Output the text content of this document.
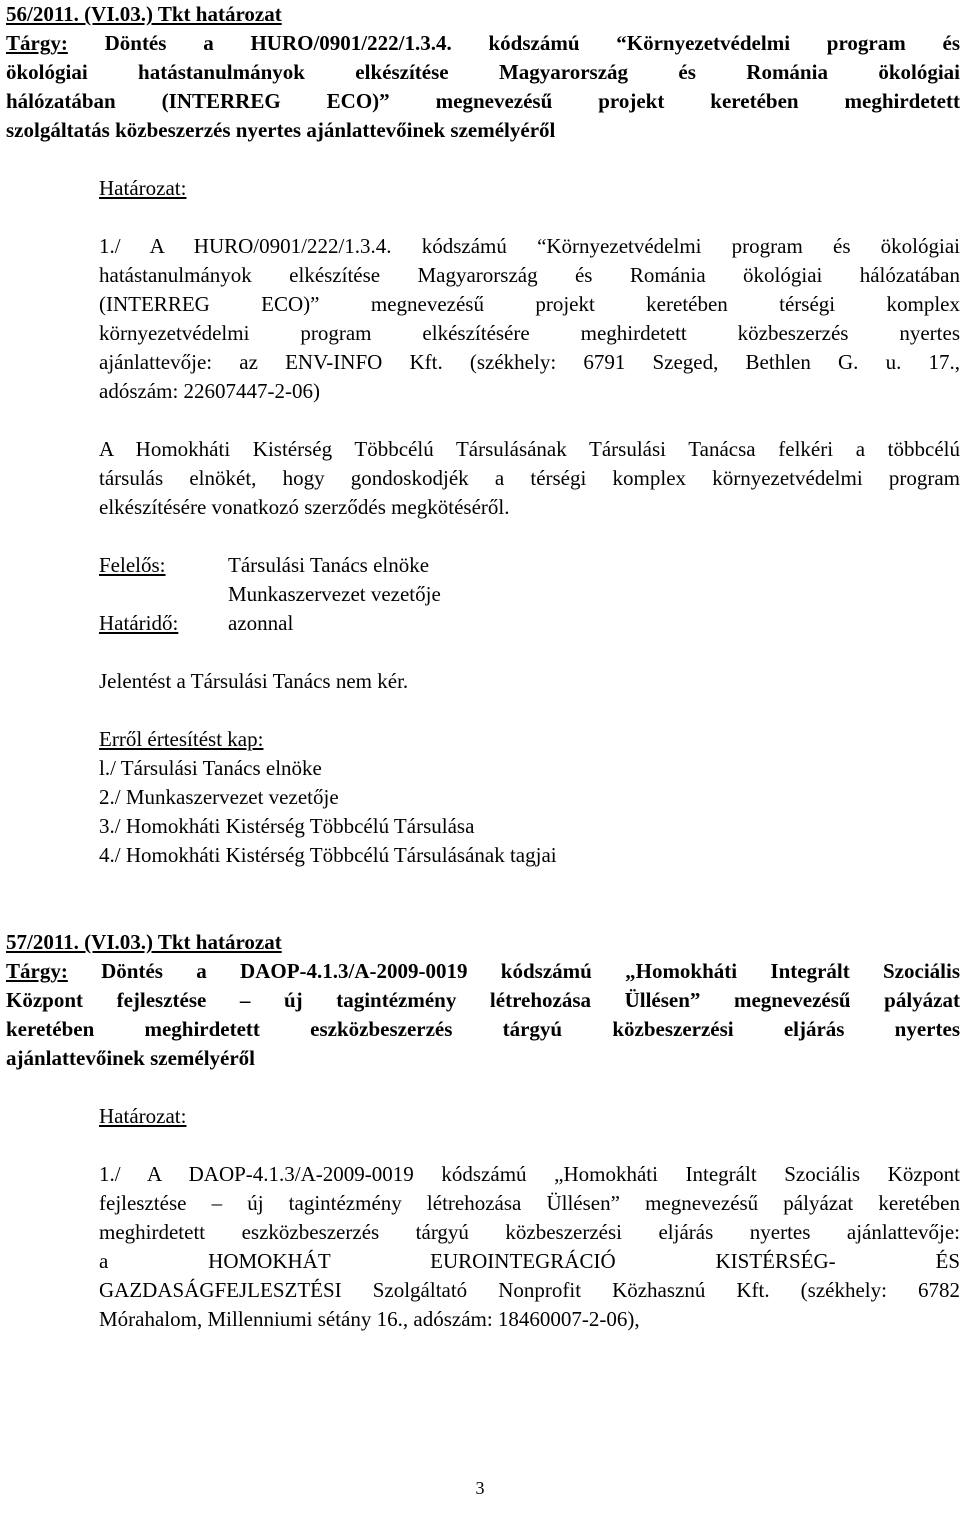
56/2011. (VI.03.) Tkt határozat

Tárgy: Döntés a HURO/0901/222/1.3.4. kódszámú “Környezetvédelmi program és

ökológiai hatástanulmányok elkészítése Magyarország és Románia ökológiai

hálózatában (INTERREG ECO)” megnevezésű projekt keretében meghirdetett

szolgáltatás közbeszerzés nyertes ajánlattevőinek személyéről

Határozat:

1./ A HURO/0901/222/1.3.4. kódszámú “Környezetvédelmi program és ökológiai

hatástanulmányok elkészítése Magyarország és Románia ökológiai hálózatában

(INTERREG ECO)” megnevezésű projekt keretében térségi komplex

környezetvédelmi program elkészítésére meghirdetett közbeszerzés nyertes

ajánlattevője: az ENV-INFO Kft. (székhely: 6791 Szeged, Bethlen G. u. 17.,

adószám: 22607447-2-06)

A Homokháti Kistérség Többcélú Társulásának Társulási Tanácsa felkéri a többcélú

társulás elnökét, hogy gondoskodjék a térségi komplex környezetvédelmi program

elkészítésére vonatkozó szerződés megkötéséről.

Felelős:	Társulási Tanács elnöke

Munkaszervezet vezetője

Határidő: azonnal

Jelentést a Társulási Tanács nem kér.

Erről értesítést kap:

l./ Társulási Tanács elnöke

2./ Munkaszervezet vezetője

3./ Homokháti Kistérség Többcélú Társulása

4./ Homokháti Kistérség Többcélú Társulásának tagjai

57/2011. (VI.03.) Tkt határozat

Tárgy: Döntés a DAOP-4.1.3/A-2009-0019 kódszámú „Homokháti Integrált Szociális

Központ fejlesztése – új tagintézmény létrehozása Üllésen” megnevezésű pályázat

keretében meghirdetett eszközbeszerzés tárgyú közbeszerzési eljárás nyertes

ajánlattevőinek személyéről

Határozat:

1./ A DAOP-4.1.3/A-2009-0019 kódszámú „Homokháti Integrált Szociális Központ

fejlesztése – új tagintézmény létrehozása Üllésen” megnevezésű pályázat keretében

meghirdetett eszközbeszerzés tárgyú közbeszerzési eljárás nyertes ajánlattevője:

a HOMOKHÁT EUROINTEGRÁCIÓ KISTÉRSÉG- ÉS

GAZDASÁGFEJLESZTÉSI Szolgáltató Nonprofit Közhasznú Kft. (székhely: 6782

Mórahalom, Millenniumi sétány 16., adószám: 18460007-2-06),

3
